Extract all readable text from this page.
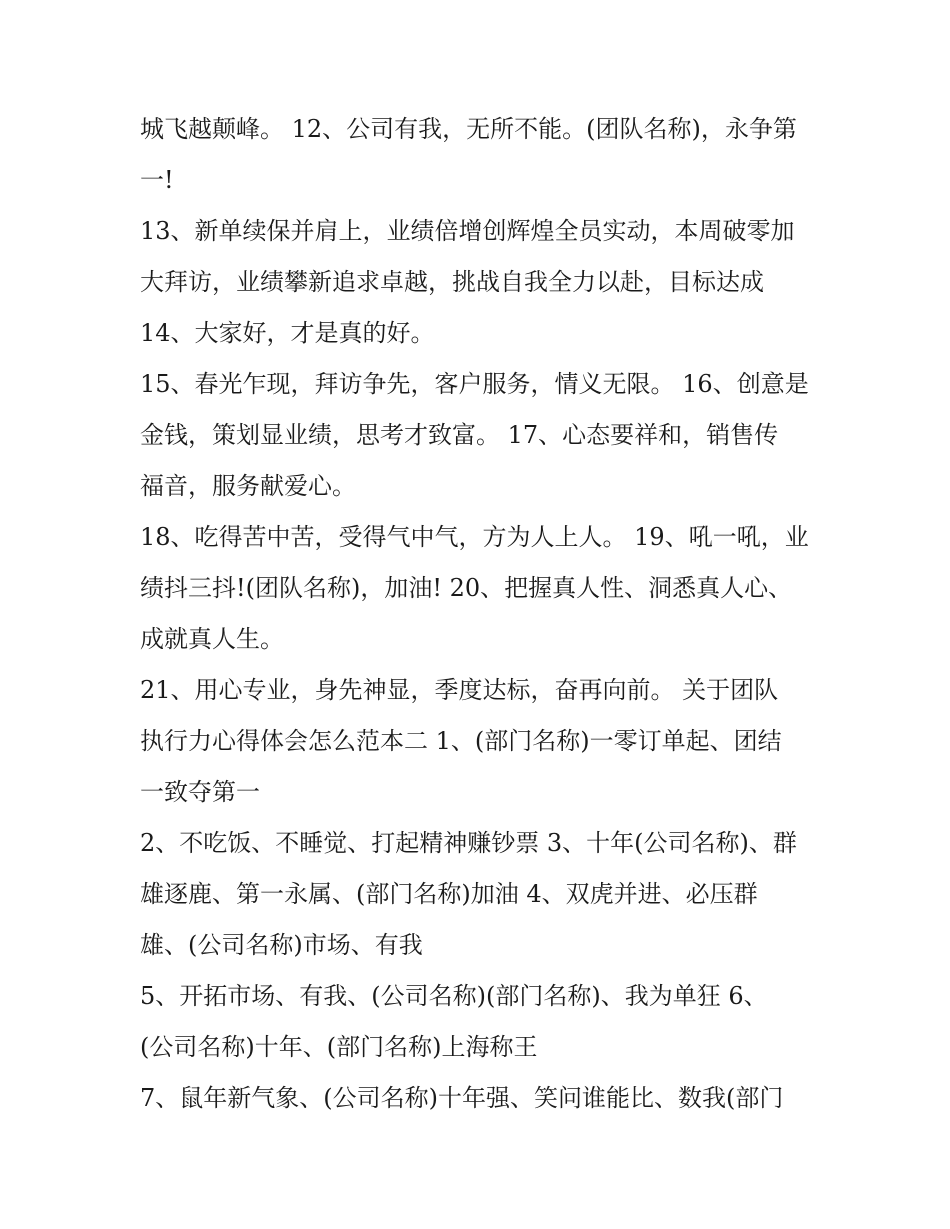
城飞越颠峰。 12、公司有我，无所不能。(团队名称)，永争第
一!
13、新单续保并肩上，业绩倍增创辉煌全员实动，本周破零加
大拜访，业绩攀新追求卓越，挑战自我全力以赴，目标达成
14、大家好，才是真的好。
15、春光乍现，拜访争先，客户服务，情义无限。 16、创意是
金钱，策划显业绩，思考才致富。 17、心态要祥和，销售传
福音，服务献爱心。
18、吃得苦中苦，受得气中气，方为人上人。 19、吼一吼，业
绩抖三抖!(团队名称)，加油! 20、把握真人性、洞悉真人心、
成就真人生。
21、用心专业，身先神显，季度达标，奋再向前。 关于团队
执行力心得体会怎么范本二 1、(部门名称)一零订单起、团结
一致夺第一
2、不吃饭、不睡觉、打起精神赚钞票 3、十年(公司名称)、群
雄逐鹿、第一永属、(部门名称)加油 4、双虎并进、必压群
雄、(公司名称)市场、有我
5、开拓市场、有我、(公司名称)(部门名称)、我为单狂 6、
(公司名称)十年、(部门名称)上海称王
7、鼠年新气象、(公司名称)十年强、笑问谁能比、数我(部门
